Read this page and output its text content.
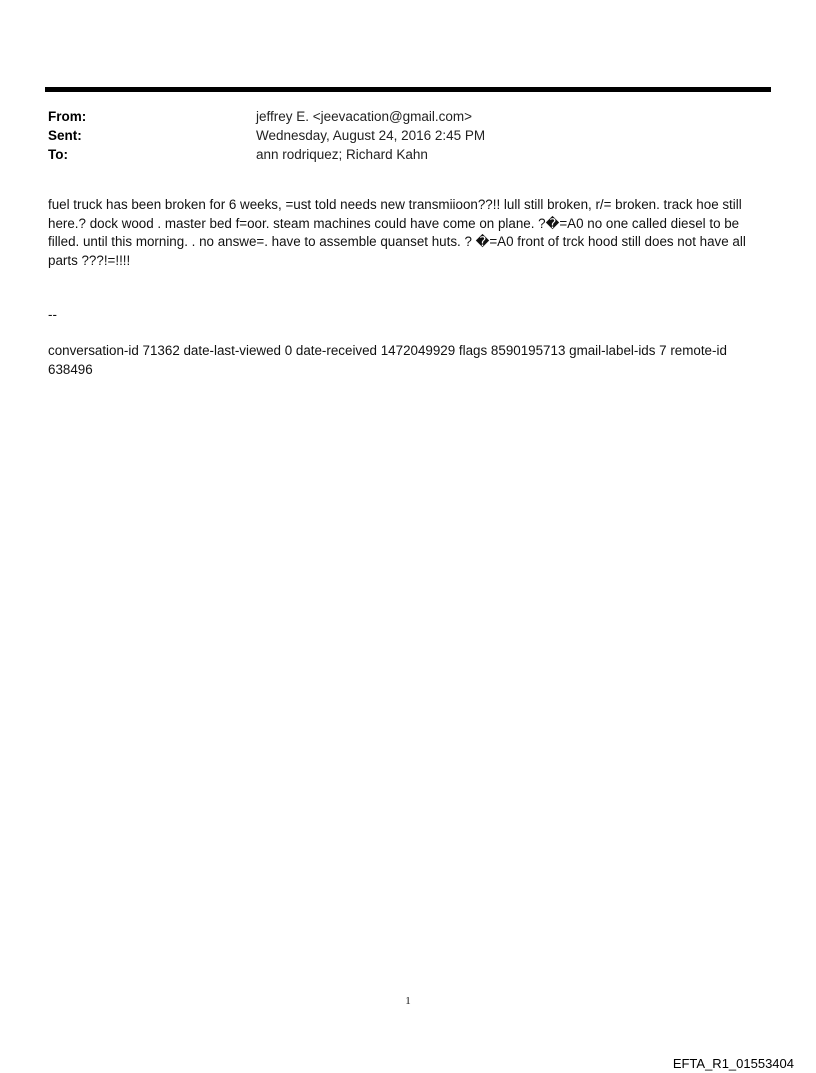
From:	jeffrey E. <jeevacation@gmail.com>
Sent:	Wednesday, August 24, 2016 2:45 PM
To:	ann rodriquez; Richard Kahn
fuel truck has been broken for 6 weeks, =ust told needs new transmiioon??!! lull still broken, r/= broken. track hoe still here.? dock wood . master bed f=oor. steam machines could have come on plane. ?�=A0 no one called diesel to be filled. until this morning. . no answe=. have to assemble quanset huts. ? �=A0 front of trck hood still does not have all parts ???!=!!!!
--
conversation-id 71362 date-last-viewed 0 date-received 1472049929 flags 8590195713 gmail-label-ids 7 remote-id 638496
1
EFTA_R1_01553404
